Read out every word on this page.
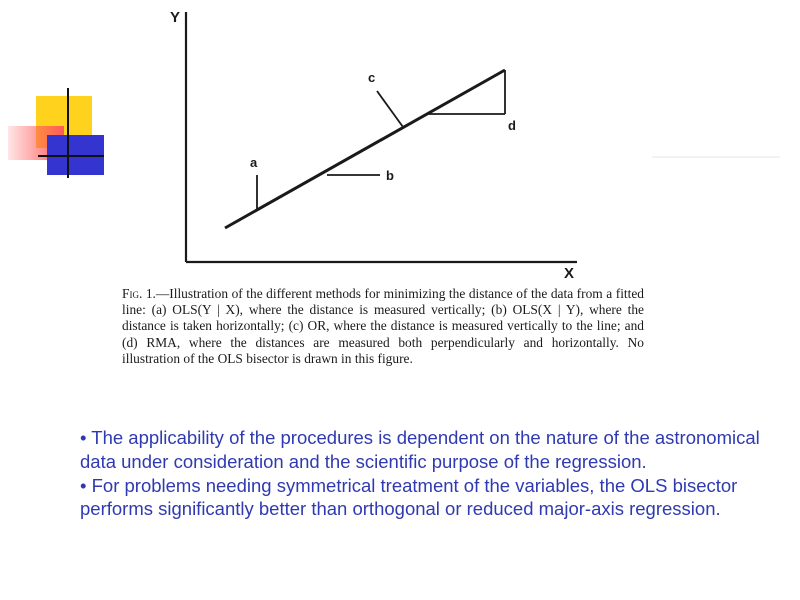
Y
X
a
b
c
d

Fig. 1.—Illustration of the different methods for minimizing the distance of the data from a fitted line: (a) OLS(Y | X), where the distance is measured vertically; (b) OLS(X | Y), where the distance is taken horizontally; (c) OR, where the distance is measured vertically to the line; and (d) RMA, where the distances are measured both perpendicularly and horizontally. No illustration of the OLS bisector is drawn in this figure.

• The applicability of the procedures is dependent on the nature of the astronomical data under consideration and the scientific purpose of the regression.

• For problems needing symmetrical treatment of the variables, the OLS bisector performs significantly better than orthogonal or reduced major-axis regression.
